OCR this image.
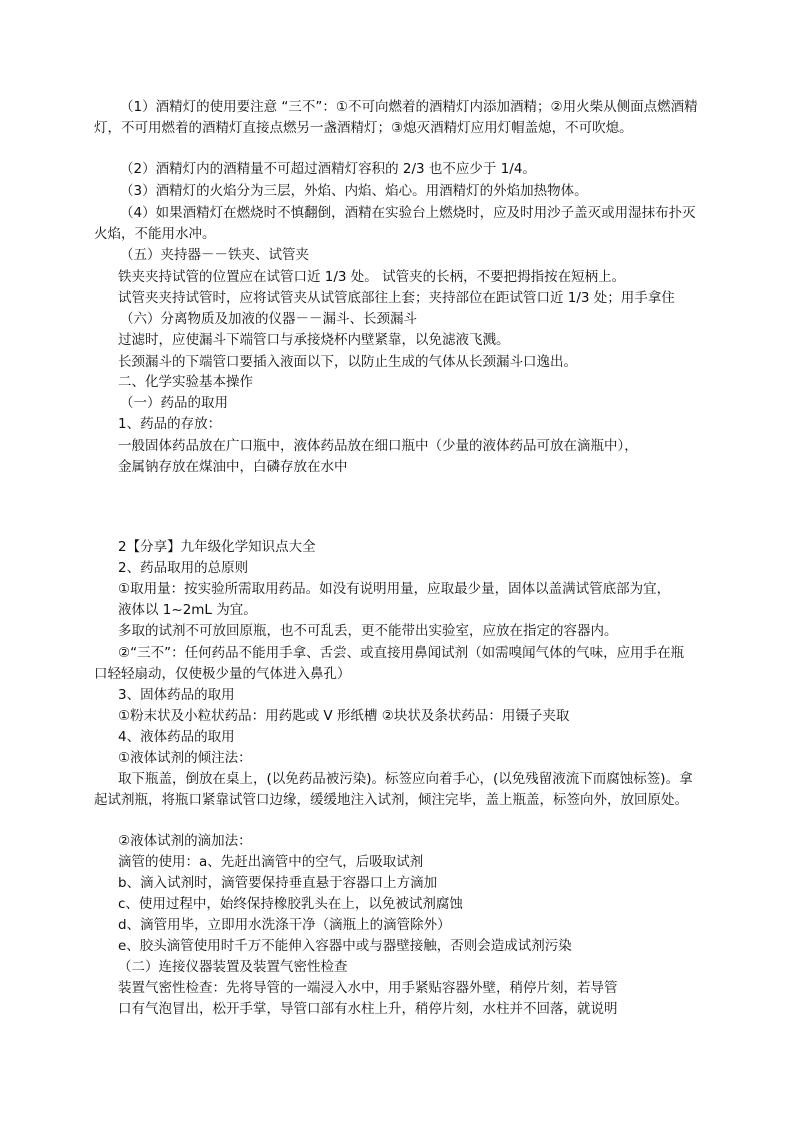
（1）酒精灯的使用要注意 “三不”：①不可向燃着的酒精灯内添加酒精；②用火柴从侧面点燃酒精
灯，不可用燃着的酒精灯直接点燃另一盏酒精灯；③熄灭酒精灯应用灯帽盖熄，不可吹熄。
（2）酒精灯内的酒精量不可超过酒精灯容积的 2/3 也不应少于 1/4。
（3）酒精灯的火焰分为三层，外焰、内焰、焰心。用酒精灯的外焰加热物体。
（4）如果酒精灯在燃烧时不慎翻倒，酒精在实验台上燃烧时，应及时用沙子盖灭或用湿抹布扑灭
火焰，不能用水冲。
（五）夹持器－－铁夹、试管夹
铁夹夹持试管的位置应在试管口近 1/3 处。 试管夹的长柄，不要把拇指按在短柄上。
试管夹夹持试管时，应将试管夹从试管底部往上套；夹持部位在距试管口近 1/3 处；用手拿住
（六）分离物质及加液的仪器－－漏斗、长颈漏斗
过滤时，应使漏斗下端管口与承接烧杯内壁紧靠，以免滤液飞溅。
长颈漏斗的下端管口要插入液面以下，以防止生成的气体从长颈漏斗口逸出。
二、化学实验基本操作
（一）药品的取用
1、药品的存放：
一般固体药品放在广口瓶中，液体药品放在细口瓶中（少量的液体药品可放在滴瓶中），
金属钠存放在煤油中，白磷存放在水中
2【分享】九年级化学知识点大全
2、药品取用的总原则
①取用量：按实验所需取用药品。如没有说明用量，应取最少量，固体以盖满试管底部为宜，
液体以 1~2mL 为宜。
多取的试剂不可放回原瓶，也不可乱丢，更不能带出实验室，应放在指定的容器内。
②“三不”：任何药品不能用手拿、舌尝、或直接用鼻闻试剂（如需嗅闻气体的气味，应用手在瓶
口轻轻扇动，仅使极少量的气体进入鼻孔）
3、固体药品的取用
①粉末状及小粒状药品：用药匙或 V 形纸槽 ②块状及条状药品：用镊子夹取
4、液体药品的取用
①液体试剂的倾注法：
取下瓶盖，倒放在桌上，(以免药品被污染)。标签应向着手心，(以免残留液流下而腐蚀标签)。拿
起试剂瓶，将瓶口紧靠试管口边缘，缓缓地注入试剂，倾注完毕，盖上瓶盖，标签向外，放回原处。
②液体试剂的滴加法：
滴管的使用：a、先赶出滴管中的空气，后吸取试剂
b、滴入试剂时，滴管要保持垂直悬于容器口上方滴加
c、使用过程中，始终保持橡胶乳头在上，以免被试剂腐蚀
d、滴管用毕，立即用水洗涤干净（滴瓶上的滴管除外）
e、胶头滴管使用时千万不能伸入容器中或与器壁接触，否则会造成试剂污染
（二）连接仪器装置及装置气密性检查
装置气密性检查：先将导管的一端浸入水中，用手紧贴容器外壁，稍停片刻，若导管
口有气泡冒出，松开手掌，导管口部有水柱上升，稍停片刻，水柱并不回落，就说明
